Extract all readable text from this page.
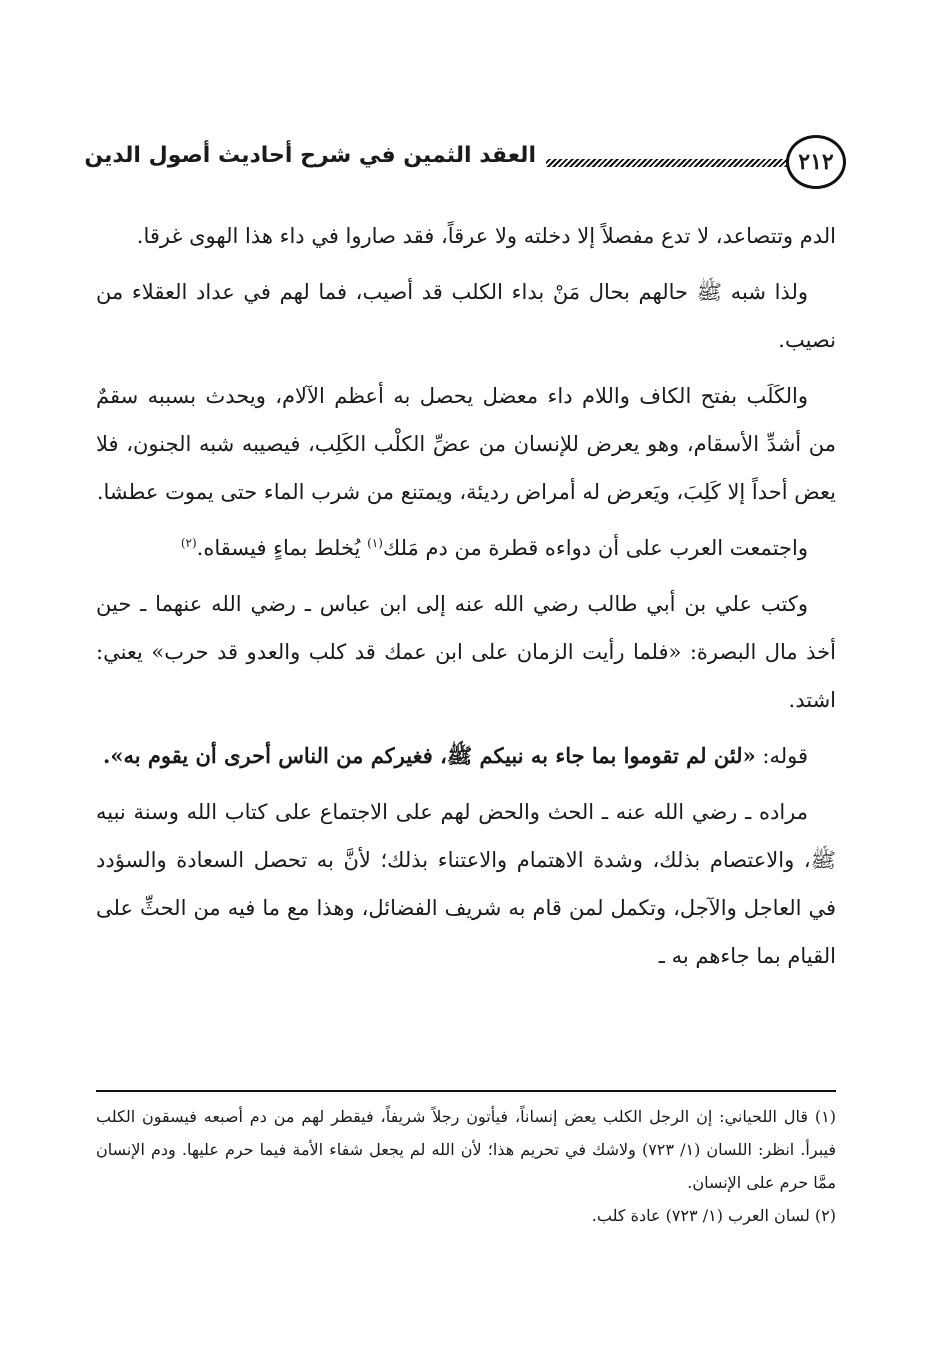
العقد الثمين في شرح أحاديث أصول الدين	٢١٢

الدم وتتصاعد، لا تدع مفصلاً إلا دخلته ولا عرقاً، فقد صاروا في داء هذا الهوى غرقا.

ولذا شبه ﷺ حالهم بحال مَنْ بداء الكلب قد أصيب، فما لهم في عداد العقلاء من نصيب.

والكَلَب بفتح الكاف واللام داء معضل يحصل به أعظم الآلام، ويحدث بسببه سقمٌ من أشدِّ الأسقام، وهو يعرض للإنسان من عضِّ الكلْب الكَلِب، فيصيبه شبه الجنون، فلا يعض أحداً إلا كَلِبَ، ويَعرض له أمراض رديئة، ويمتنع من شرب الماء حتى يموت عطشا.

واجتمعت العرب على أن دواءه قطرة من دم مَلك$^{(١)}$ يُخلط بماءٍ فيسقاه.$^{(٢)}$

وكتب علي بن أبي طالب رضي الله عنه إلى ابن عباس ـ رضي الله عنهما ـ حين أخذ مال البصرة: «فلما رأيت الزمان على ابن عمك قد كلب والعدو قد حرب» يعني: اشتد.

قوله: «لئن لم تقوموا بما جاء به نبيكم ﷺ، فغيركم من الناس أحرى أن يقوم به».

مراده ـ رضي الله عنه ـ الحث والحض لهم على الاجتماع على كتاب الله وسنة نبيه ﷺ، والاعتصام بذلك، وشدة الاهتمام والاعتناء بذلك؛ لأنَّ به تحصل السعادة والسؤدد في العاجل والآجل، وتكمل لمن قام به شريف الفضائل، وهذا مع ما فيه من الحثِّ على القيام بما جاءهم به ـ

(١) قال اللحياني: إن الرجل الكلب يعض إنساناً، فيأتون رجلاً شريفاً، فيقطر لهم من دم أصبعه فيسقون الكلب فيبرأ. انظر: اللسان (١/ ٧٢٣) ولاشك في تحريم هذا؛ لأن الله لم يجعل شفاء الأمة فيما حرم عليها. ودم الإنسان ممَّا حرم على الإنسان.

(٢) لسان العرب (١/ ٧٢٣) عادة كلب.
